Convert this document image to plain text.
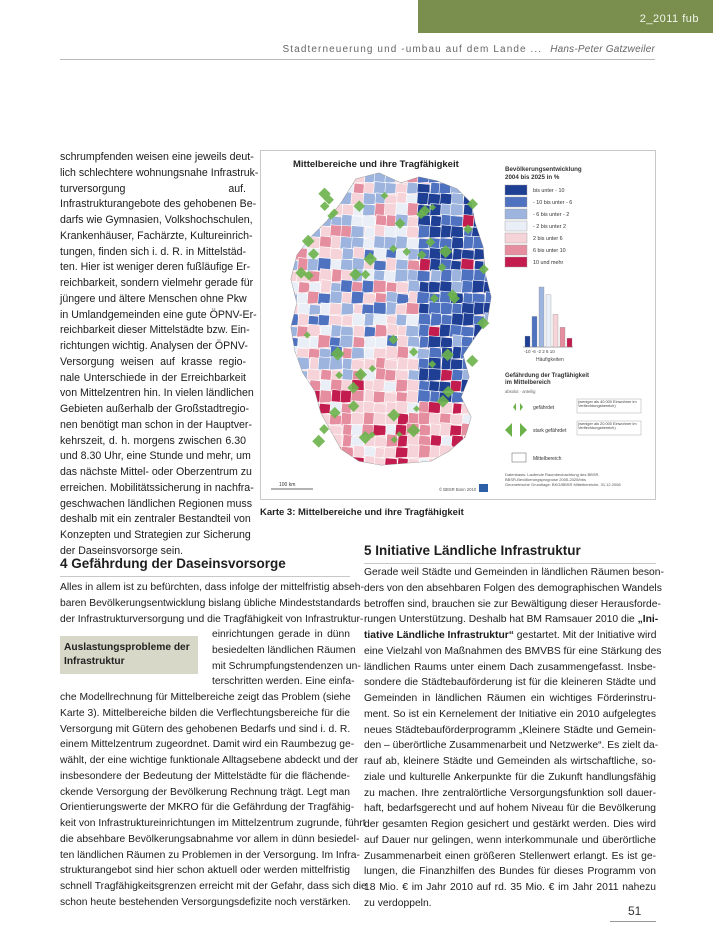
2_2011 fub
Stadterneuerung und -umbau auf dem Lande ... Hans-Peter Gatzweiler
schrumpfenden weisen eine jeweils deut-
lich schlechtere wohnungsnahe Infrastruk-
turversorgung auf.
Infrastrukturangebote des gehobenen Be-
darfs wie Gymnasien, Volkshochschulen,
Krankenhäuser, Fachärzte, Kultureinrich-
tungen, finden sich i. d. R. in Mittelstäd-
ten. Hier ist weniger deren fußläufige Er-
reichbarkeit, sondern vielmehr gerade für
jüngere und ältere Menschen ohne Pkw
in Umlandgemeinden eine gute ÖPNV-Er-
reichbarkeit dieser Mittelstädte bzw. Ein-
richtungen wichtig. Analysen der ÖPNV-
Versorgung weisen auf krasse regio-
nale Unterschiede in der Erreichbarkeit
von Mittelzentren hin. In vielen ländlichen
Gebieten außerhalb der Großstadtregio-
nen benötigt man schon in der Hauptver-
kehrszeit, d. h. morgens zwischen 6.30
und 8.30 Uhr, eine Stunde und mehr, um
das nächste Mittel- oder Oberzentrum zu
erreichen. Mobilitätssicherung in nachfra-
geschwachen ländlichen Regionen muss
deshalb mit ein zentraler Bestandteil von
Konzepten und Strategien zur Sicherung
der Daseinsvorsorge sein.
Mittelbereiche und ihre Tragfähigkeit	Bevölkerungsentwicklung
2004 bis 2025 in %
bis unter - 10
- 10 bis unter - 6
- 6 bis unter - 2
- 2 bis unter 2
2 bis unter 6
6 bis unter 10
10 und mehr
-10 -6 -2 2 6 10
Häufigkeiten
Gefährdung der Tragfähigkeit
im Mittelbereich
absolut · anteilig
gefährdet
(weniger als 40.000 Einwohner im Verflechtungsbereich)
stark gefährdet
(weniger als 20.000 Einwohner im Verflechtungsbereich)
Mittelbereich
Datenbasis: Laufende Raumbeobachtung des BBSR,
BBSR-Bevölkerungsprognose 2005-2025/bbs
Geometrische Grundlage: BKG/BBSR Mittelbereiche, 31.12.2008
100 km
© BBSR Bonn 2010
Karte 3: Mittelbereiche und ihre Tragfähigkeit
4 Gefährdung der Daseinsvorsorge
Alles in allem ist zu befürchten, dass infolge der mittelfristig abseh-
baren Bevölkerungsentwicklung bislang übliche Mindeststandards
der Infrastrukturversorgung und die Tragfähigkeit von Infrastruktur-
Auslastungsprobleme der
Infrastruktur
einrichtungen gerade in dünn
besiedelten ländlichen Räumen
mit Schrumpfungstendenzen un-
terschritten werden. Eine einfa-
che Modellrechnung für Mittelbereiche zeigt das Problem (siehe
Karte 3). Mittelbereiche bilden die Verflechtungsbereiche für die
Versorgung mit Gütern des gehobenen Bedarfs und sind i. d. R.
einem Mittelzentrum zugeordnet. Damit wird ein Raumbezug ge-
wählt, der eine wichtige funktionale Alltagsebene abdeckt und der
insbesondere der Bedeutung der Mittelstädte für die flächende-
ckende Versorgung der Bevölkerung Rechnung trägt. Legt man
Orientierungswerte der MKRO für die Gefährdung der Tragfähig-
keit von Infrastruktureinrichtungen im Mittelzentrum zugrunde, führt
die absehbare Bevölkerungsabnahme vor allem in dünn besiedel-
ten ländlichen Räumen zu Problemen in der Versorgung. Im Infra-
strukturangebot sind hier schon aktuell oder werden mittelfristig
schnell Tragfähigkeitsgrenzen erreicht mit der Gefahr, dass sich die
schon heute bestehenden Versorgungsdefizite noch verstärken.
5 Initiative Ländliche Infrastruktur
Gerade weil Städte und Gemeinden in ländlichen Räumen beson-
ders von den absehbaren Folgen des demographischen Wandels
betroffen sind, brauchen sie zur Bewältigung dieser Herausforde-
rungen Unterstützung. Deshalb hat BM Ramsauer 2010 die „Ini-
tiative Ländliche Infrastruktur“ gestartet. Mit der Initiative wird
eine Vielzahl von Maßnahmen des BMVBS für eine Stärkung des
ländlichen Raums unter einem Dach zusammengefasst. Insbe-
sondere die Städtebauförderung ist für die kleineren Städte und
Gemeinden in ländlichen Räumen ein wichtiges Förderinstru-
ment. So ist ein Kernelement der Initiative ein 2010 aufgelegtes
neues Städtebauförderprogramm „Kleinere Städte und Gemein-
den – überörtliche Zusammenarbeit und Netzwerke“. Es zielt da-
rauf ab, kleinere Städte und Gemeinden als wirtschaftliche, so-
ziale und kulturelle Ankerpunkte für die Zukunft handlungsfähig
zu machen. Ihre zentralörtliche Versorgungsfunktion soll dauer-
haft, bedarfsgerecht und auf hohem Niveau für die Bevölkerung
der gesamten Region gesichert und gestärkt werden. Dies wird
auf Dauer nur gelingen, wenn interkommunale und überörtliche
Zusammenarbeit einen größeren Stellenwert erlangt. Es ist ge-
lungen, die Finanzhilfen des Bundes für dieses Programm von
18 Mio. € im Jahr 2010 auf rd. 35 Mio. € im Jahr 2011 nahezu
zu verdoppeln.
51
